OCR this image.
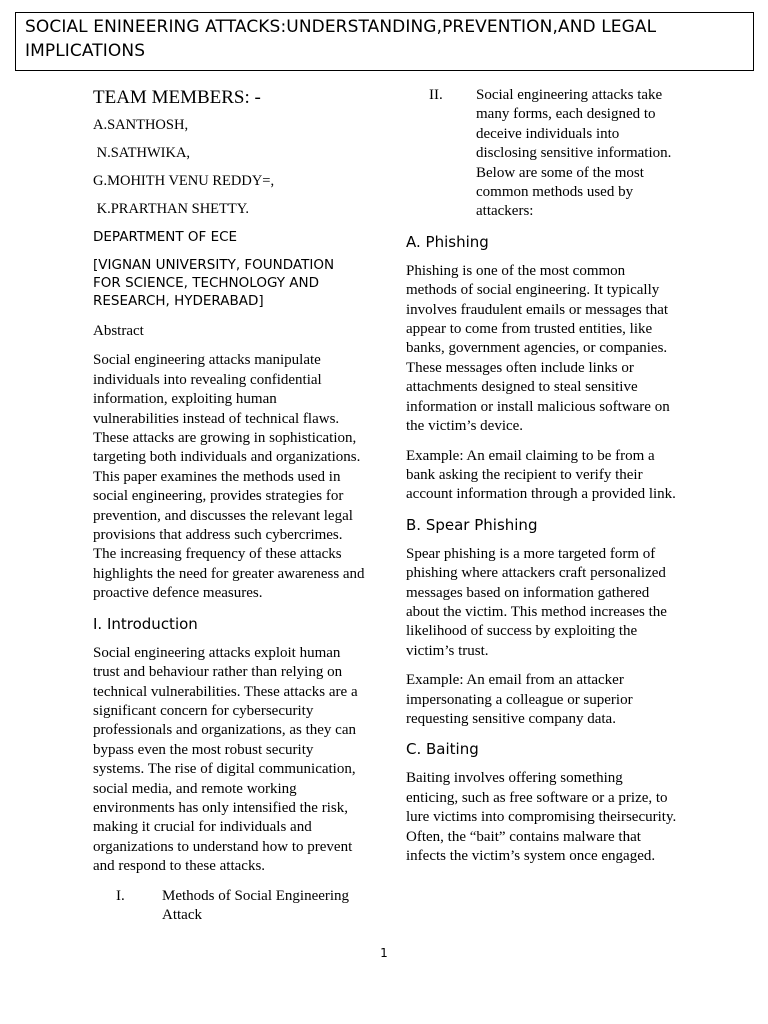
SOCIAL ENINEERING ATTACKS:UNDERSTANDING,PREVENTION,AND LEGAL IMPLICATIONS
TEAM MEMBERS: -
A.SANTHOSH,
N.SATHWIKA,
G.MOHITH VENU REDDY=,
K.PRARTHAN SHETTY.
DEPARTMENT OF ECE
[VIGNAN UNIVERSITY, FOUNDATION FOR SCIENCE, TECHNOLOGY AND RESEARCH, HYDERABAD]

Abstract

Social engineering attacks manipulate individuals into revealing confidential information, exploiting human vulnerabilities instead of technical flaws. These attacks are growing in sophistication, targeting both individuals and organizations. This paper examines the methods used in social engineering, provides strategies for prevention, and discusses the relevant legal provisions that address such cybercrimes. The increasing frequency of these attacks highlights the need for greater awareness and proactive defence measures.

I. Introduction

Social engineering attacks exploit human trust and behaviour rather than relying on technical vulnerabilities. These attacks are a significant concern for cybersecurity professionals and organizations, as they can bypass even the most robust security systems. The rise of digital communication, social media, and remote working environments has only intensified the risk, making it crucial for individuals and organizations to understand how to prevent and respond to these attacks.

I.	Methods of Social Engineering Attack
II.	Social engineering attacks take many forms, each designed to deceive individuals into disclosing sensitive information. Below are some of the most common methods used by attackers:
A. Phishing

Phishing is one of the most common methods of social engineering. It typically involves fraudulent emails or messages that appear to come from trusted entities, like banks, government agencies, or companies. These messages often include links or attachments designed to steal sensitive information or install malicious software on the victim’s device.

Example: An email claiming to be from a bank asking the recipient to verify their account information through a provided link.

B. Spear Phishing

Spear phishing is a more targeted form of phishing where attackers craft personalized messages based on information gathered about the victim. This method increases the likelihood of success by exploiting the victim’s trust.

Example: An email from an attacker impersonating a colleague or superior requesting sensitive company data.

C. Baiting

Baiting involves offering something enticing, such as free software or a prize, to lure victims into compromising theirsecurity. Often, the “bait” contains malware that infects the victim’s system once engaged.

1
